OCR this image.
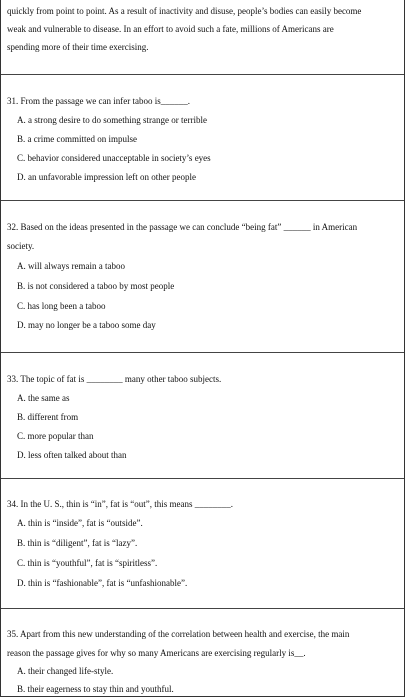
quickly from point to point. As a result of inactivity and disuse, people’s bodies can easily become
weak and vulnerable to disease. In an effort to avoid such a fate, millions of Americans are
spending more of their time exercising.
31. From the passage we can infer taboo is______.
A. a strong desire to do something strange or terrible
B. a crime committed on impulse
C. behavior considered unacceptable in society’s eyes
D. an unfavorable impression left on other people
32. Based on the ideas presented in the passage we can conclude “being fat” ______ in American
society.
A. will always remain a taboo
B. is not considered a taboo by most people
C. has long been a taboo
D. may no longer be a taboo some day
33. The topic of fat is ________ many other taboo subjects.
A. the same as
B. different from
C. more popular than
D. less often talked about than
34. In the U. S., thin is “in”, fat is “out”, this means ________.
A. thin is “inside”, fat is “outside”.
B. thin is “diligent”, fat is “lazy”.
C. thin is “youthful”, fat is “spiritless”.
D. thin is “fashionable”, fat is “unfashionable”.
35. Apart from this new understanding of the correlation between health and exercise, the main
reason the passage gives for why so many Americans are exercising regularly is__.
A. their changed life-style.
B. their eagerness to stay thin and youthful.
